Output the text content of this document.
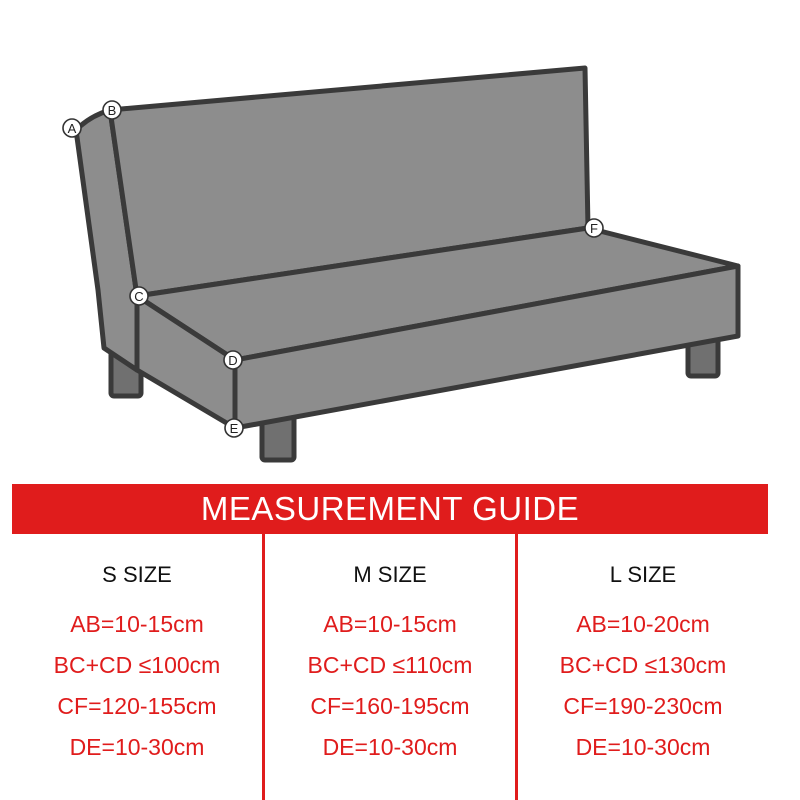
A
B
C
D
E
F
MEASUREMENT GUIDE
S SIZE
AB=10-15cm
BC+CD ≤100cm
CF=120-155cm
DE=10-30cm
M SIZE
AB=10-15cm
BC+CD ≤110cm
CF=160-195cm
DE=10-30cm
L SIZE
AB=10-20cm
BC+CD ≤130cm
CF=190-230cm
DE=10-30cm
